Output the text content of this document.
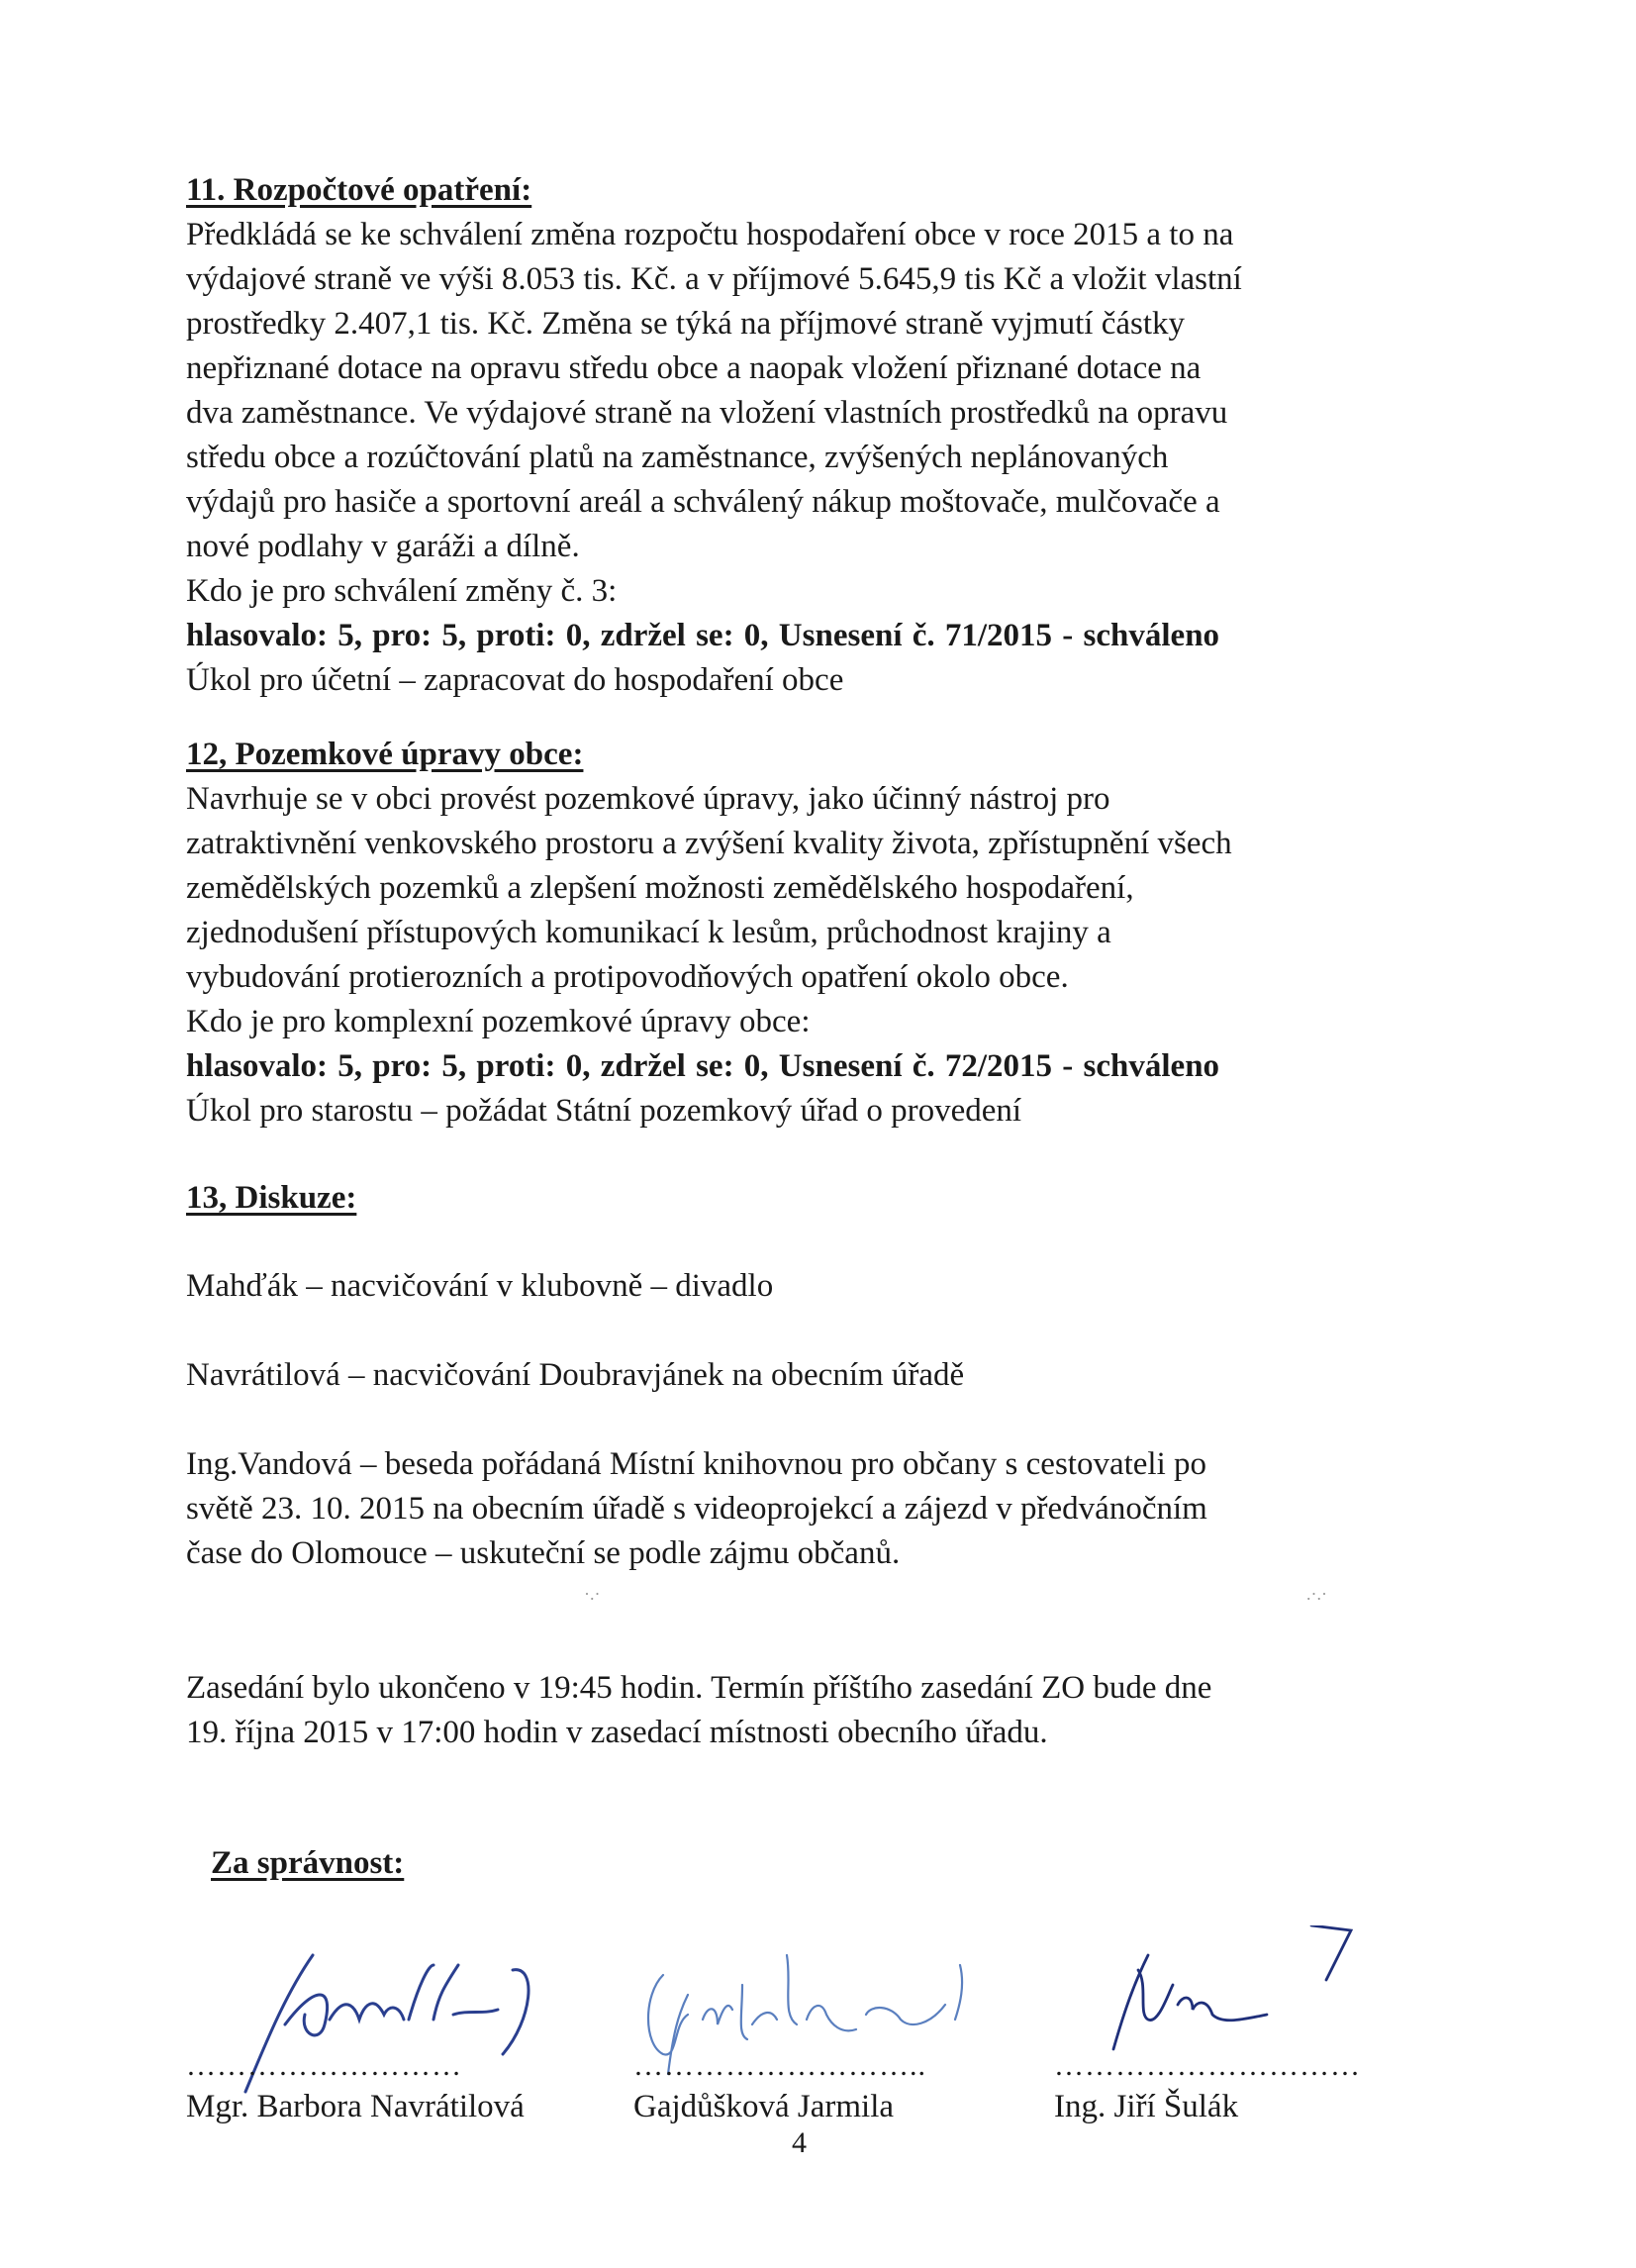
11. Rozpočtové opatření:
Předkládá se ke schválení změna rozpočtu hospodaření obce v roce 2015 a to na
výdajové straně ve výši 8.053 tis. Kč. a v příjmové 5.645,9 tis Kč a vložit vlastní
prostředky 2.407,1 tis. Kč. Změna se týká na příjmové straně vyjmutí částky
nepřiznané dotace na opravu středu obce a naopak vložení přiznané dotace na
dva zaměstnance. Ve výdajové straně na vložení vlastních prostředků na opravu
středu obce a rozúčtování platů na zaměstnance, zvýšených neplánovaných
výdajů pro hasiče a sportovní areál a schválený nákup moštovače, mulčovače a
nové podlahy v garáži a dílně.
Kdo je pro schválení změny č. 3:
hlasovalo: 5, pro: 5, proti: 0, zdržel se: 0, Usnesení č. 71/2015 - schváleno
Úkol pro účetní – zapracovat do hospodaření obce
12, Pozemkové úpravy obce:
Navrhuje se v obci provést pozemkové úpravy, jako účinný nástroj pro
zatraktivnění venkovského prostoru a zvýšení kvality života, zpřístupnění všech
zemědělských pozemků a zlepšení možnosti zemědělského hospodaření,
zjednodušení přístupových komunikací k lesům, průchodnost krajiny a
vybudování protierozních a protipovodňových opatření okolo obce.
Kdo je pro komplexní pozemkové úpravy obce:
hlasovalo: 5, pro: 5, proti: 0, zdržel se: 0, Usnesení č. 72/2015 - schváleno
Úkol pro starostu – požádat Státní pozemkový úřad o provedení
13, Diskuze:
Mahďák – nacvičování v klubovně – divadlo
Navrátilová – nacvičování Doubravjánek na obecním úřadě
Ing.Vandová – beseda pořádaná Místní knihovnou pro občany s cestovateli po
světě 23. 10. 2015 na obecním úřadě s videoprojekcí a zájezd v předvánočním
čase do Olomouce – uskuteční se podle zájmu občanů.
·.·	.·.·
Zasedání bylo ukončeno v 19:45 hodin. Termín příštího zasedání ZO bude dne
19. října 2015 v 17:00 hodin v zasedací místnosti obecního úřadu.
Za správnost:
………………………
Mgr. Barbora Navrátilová
………………………..
Gajdůšková Jarmila
…………………………
Ing. Jiří Šulák
4
